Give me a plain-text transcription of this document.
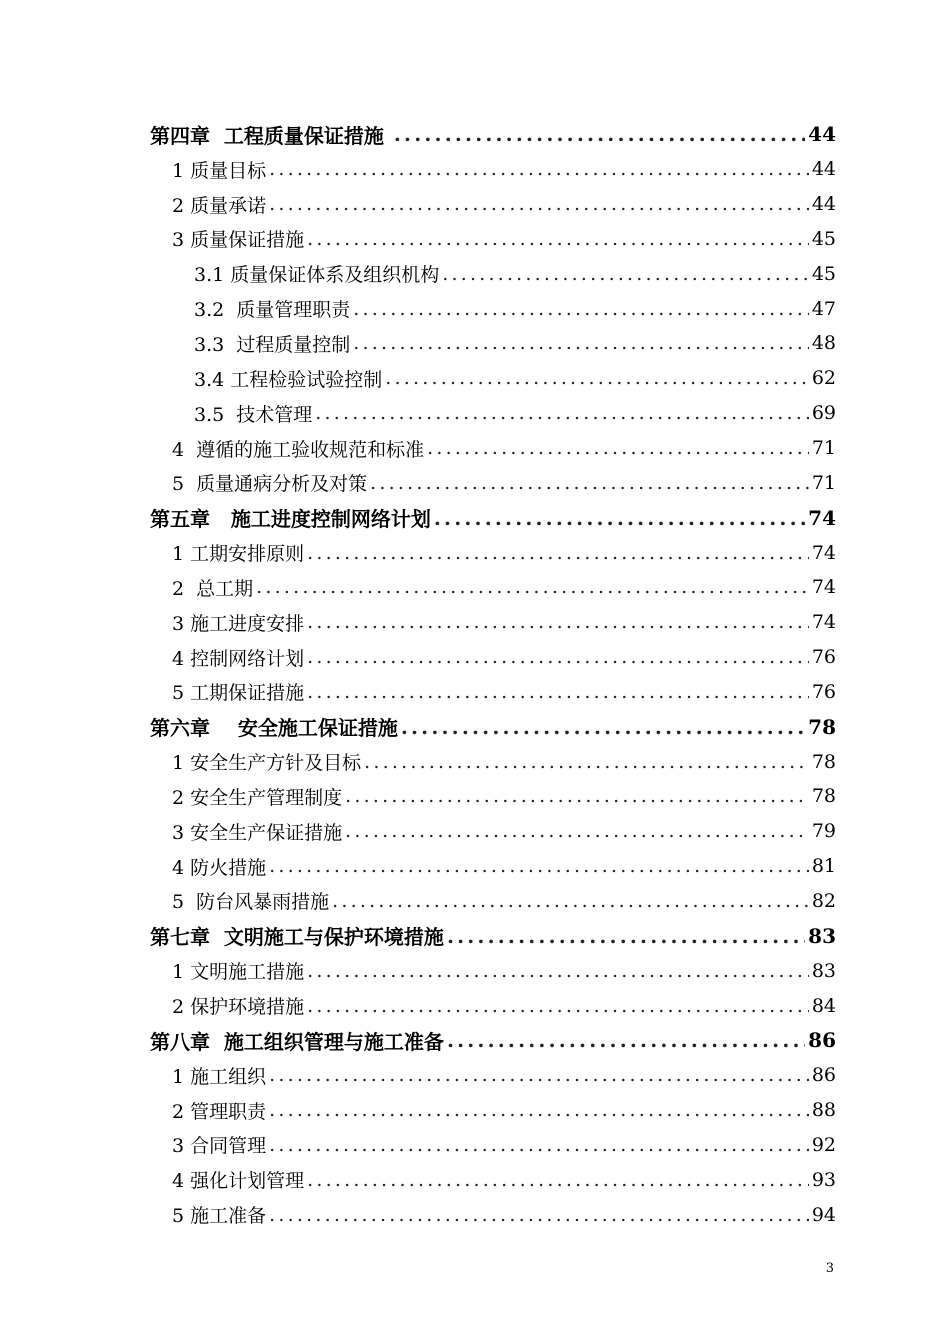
第四章  工程质量保证措施 .....	44
1 质量目标 .....	44
2 质量承诺 .....	44
3 质量保证措施 .....	45
3.1 质量保证体系及组织机构 .....	45
3.2  质量管理职责 .....	47
3.3  过程质量控制 .....	48
3.4 工程检验试验控制 .....	62
3.5  技术管理 .....	69
4  遵循的施工验收规范和标准 .....	71
5  质量通病分析及对策 .....	71
第五章   施工进度控制网络计划 .....	74
1 工期安排原则 .....	74
2  总工期 .....	74
3 施工进度安排 .....	74
4 控制网络计划 .....	76
5 工期保证措施 .....	76
第六章    安全施工保证措施 .....	78
1 安全生产方针及目标 .....	78
2 安全生产管理制度 .....	78
3 安全生产保证措施 .....	79
4 防火措施 .....	81
5  防台风暴雨措施 .....	82
第七章  文明施工与保护环境措施 .....	83
1 文明施工措施 .....	83
2 保护环境措施 .....	84
第八章  施工组织管理与施工准备 .....	86
1 施工组织 .....	86
2 管理职责 .....	88
3 合同管理 .....	92
4 强化计划管理 .....	93
5 施工准备 .....	94
3
